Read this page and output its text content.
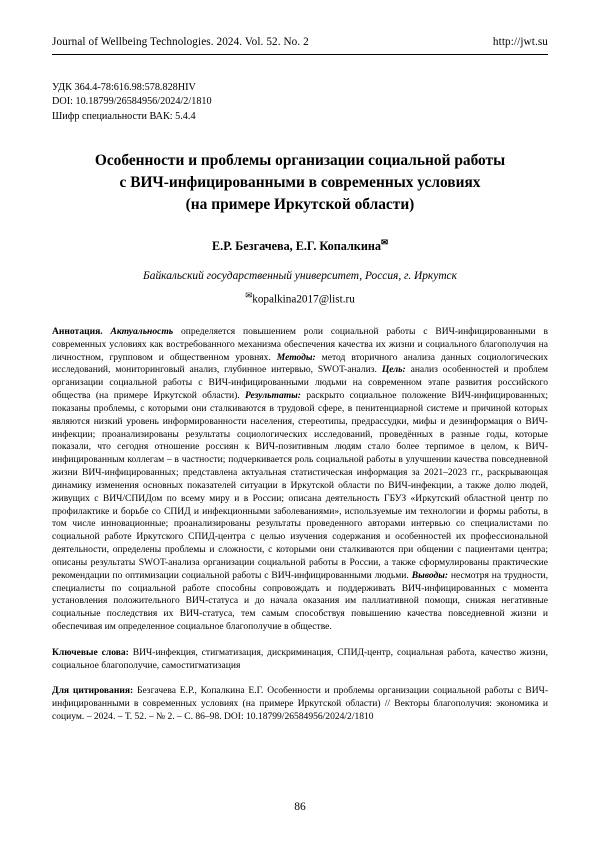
Journal of Wellbeing Technologies. 2024. Vol. 52. No. 2	http://jwt.su
УДК 364.4-78:616.98:578.828HIV
DOI: 10.18799/26584956/2024/2/1810
Шифр специальности ВАК: 5.4.4
Особенности и проблемы организации социальной работы
с ВИЧ-инфицированными в современных условиях
(на примере Иркутской области)
Е.Р. Безгачева, Е.Г. Копалкина✉
Байкальский государственный университет, Россия, г. Иркутск
✉kopalkina2017@list.ru
Аннотация. Актуальность определяется повышением роли социальной работы с ВИЧ-инфицированными в современных условиях как востребованного механизма обеспечения качества их жизни и социального благополучия на личностном, групповом и общественном уровнях. Методы: метод вторичного анализа данных социологических исследований, мониторинговый анализ, глубинное интервью, SWOT-анализ. Цель: анализ особенностей и проблем организации социальной работы с ВИЧ-инфицированными людьми на современном этапе развития российского общества (на примере Иркутской области). Результаты: раскрыто социальное положение ВИЧ-инфицированных; показаны проблемы, с которыми они сталкиваются в трудовой сфере, в пенитенциарной системе и причиной которых являются низкий уровень информированности населения, стереотипы, предрассудки, мифы и дезинформация о ВИЧ-инфекции; проанализированы результаты социологических исследований, проведённых в разные годы, которые показали, что сегодня отношение россиян к ВИЧ-позитивным людям стало более терпимое в целом, к ВИЧ-инфицированным коллегам – в частности; подчеркивается роль социальной работы в улучшении качества повседневной жизни ВИЧ-инфицированных; представлена актуальная статистическая информация за 2021–2023 гг., раскрывающая динамику изменения основных показателей ситуации в Иркутской области по ВИЧ-инфекции, а также долю людей, живущих с ВИЧ/СПИДом по всему миру и в России; описана деятельность ГБУЗ «Иркутский областной центр по профилактике и борьбе со СПИД и инфекционными заболеваниями», используемые им технологии и формы работы, в том числе инновационные; проанализированы результаты проведенного авторами интервью со специалистами по социальной работе Иркутского СПИД-центра с целью изучения содержания и особенностей их профессиональной деятельности, определены проблемы и сложности, с которыми они сталкиваются при общении с пациентами центра; описаны результаты SWOT-анализа организации социальной работы в России, а также сформулированы практические рекомендации по оптимизации социальной работы с ВИЧ-инфицированными людьми. Выводы: несмотря на трудности, специалисты по социальной работе способны сопровождать и поддерживать ВИЧ-инфицированных с момента установления положительного ВИЧ-статуса и до начала оказания им паллиативной помощи, снижая негативные социальные последствия их ВИЧ-статуса, тем самым способствуя повышению качества повседневной жизни и обеспечивая им определенное социальное благополучие в обществе.
Ключевые слова: ВИЧ-инфекция, стигматизация, дискриминация, СПИД-центр, социальная работа, качество жизни, социальное благополучие, самостигматизация
Для цитирования: Безгачева Е.Р., Копалкина Е.Г. Особенности и проблемы организации социальной работы с ВИЧ-инфицированными в современных условиях (на примере Иркутской области) // Векторы благополучия: экономика и социум. – 2024. – Т. 52. – № 2. – С. 86–98. DOI: 10.18799/26584956/2024/2/1810
86
